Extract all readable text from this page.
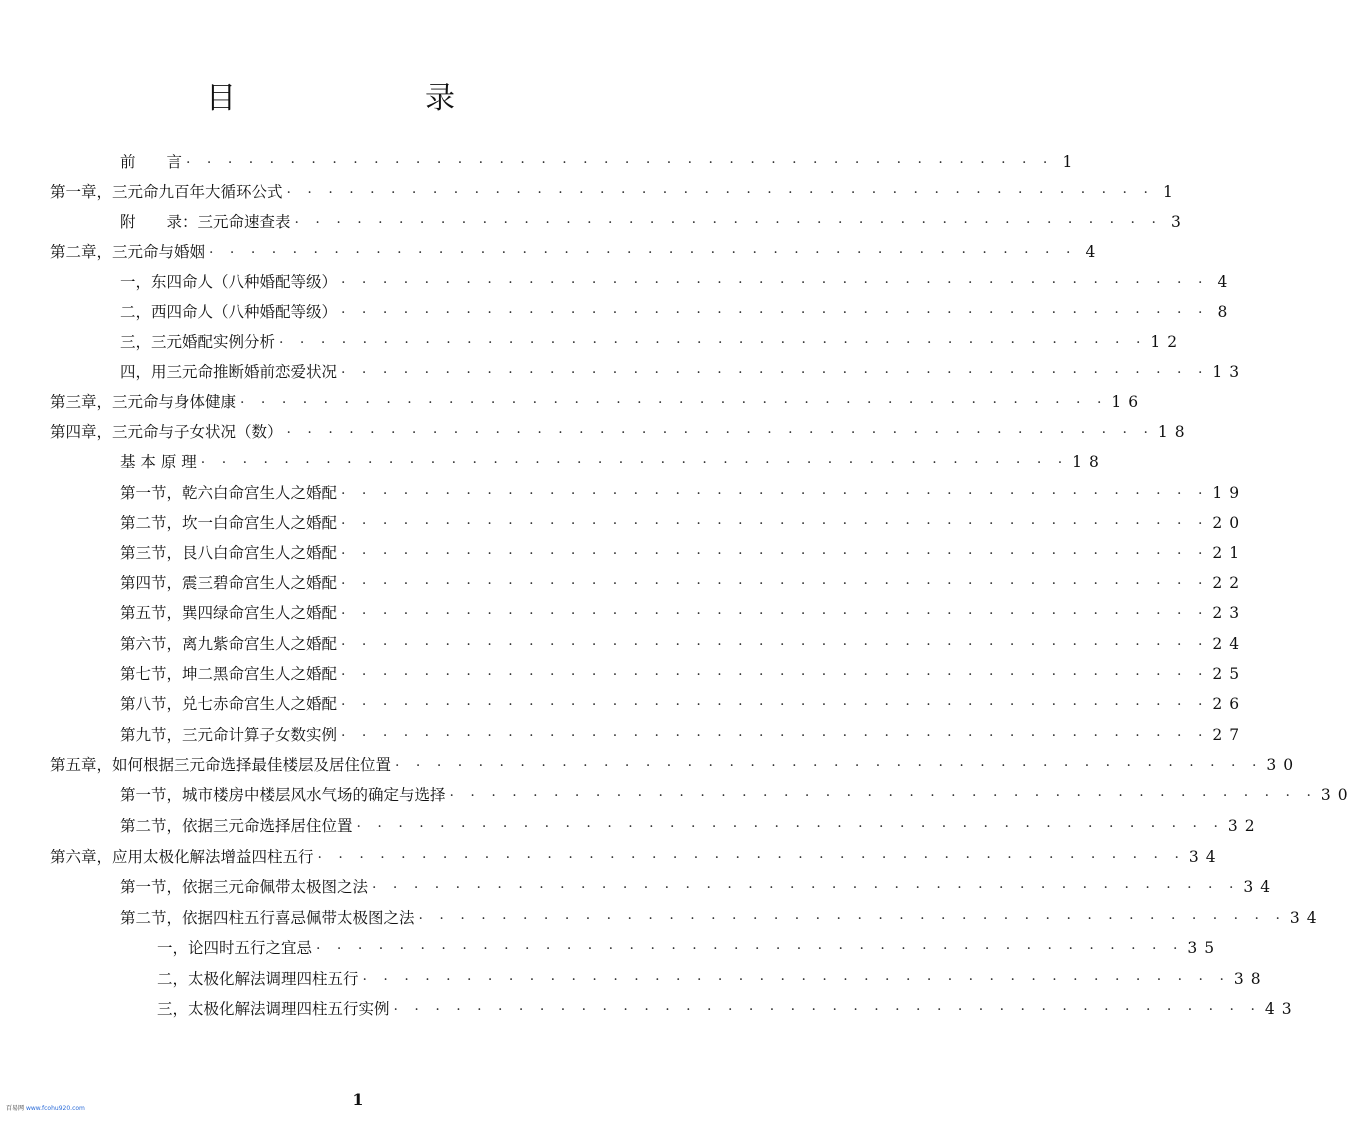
目	录
前　　言 · · · · · · · · · · · · · · · · · · · · · · · · · · · · · · · · · · · · · · · · · · 1
第一章， 三元命九百年大循环公式 · · · · · · · · · · · · · · · · · · · · · · · · · · · · · · · · · · · · · · · · · · 1
附　　录： 三元命速查表 · · · · · · · · · · · · · · · · · · · · · · · · · · · · · · · · · · · · · · · · · · 3
第二章， 三元命与婚姻 · · · · · · · · · · · · · · · · · · · · · · · · · · · · · · · · · · · · · · · · · · 4
一， 东四命人（八种婚配等级） · · · · · · · · · · · · · · · · · · · · · · · · · · · · · · · · · · · · · · · · · · 4
二， 西四命人（八种婚配等级） · · · · · · · · · · · · · · · · · · · · · · · · · · · · · · · · · · · · · · · · · · 8
三， 三元婚配实例分析 · · · · · · · · · · · · · · · · · · · · · · · · · · · · · · · · · · · · · · · · · · 12
四， 用三元命推断婚前恋爱状况 · · · · · · · · · · · · · · · · · · · · · · · · · · · · · · · · · · · · · · · · · · 13
第三章， 三元命与身体健康 · · · · · · · · · · · · · · · · · · · · · · · · · · · · · · · · · · · · · · · · · · 16
第四章， 三元命与子女状况（数） · · · · · · · · · · · · · · · · · · · · · · · · · · · · · · · · · · · · · · · · · · 18
基 本 原 理 · · · · · · · · · · · · · · · · · · · · · · · · · · · · · · · · · · · · · · · · · · 18
第一节， 乾六白命宫生人之婚配 · · · · · · · · · · · · · · · · · · · · · · · · · · · · · · · · · · · · · · · · · · 19
第二节， 坎一白命宫生人之婚配 · · · · · · · · · · · · · · · · · · · · · · · · · · · · · · · · · · · · · · · · · · 20
第三节， 艮八白命宫生人之婚配 · · · · · · · · · · · · · · · · · · · · · · · · · · · · · · · · · · · · · · · · · · 21
第四节， 震三碧命宫生人之婚配 · · · · · · · · · · · · · · · · · · · · · · · · · · · · · · · · · · · · · · · · · · 22
第五节， 巽四绿命宫生人之婚配 · · · · · · · · · · · · · · · · · · · · · · · · · · · · · · · · · · · · · · · · · · 23
第六节， 离九紫命宫生人之婚配 · · · · · · · · · · · · · · · · · · · · · · · · · · · · · · · · · · · · · · · · · · 24
第七节， 坤二黑命宫生人之婚配 · · · · · · · · · · · · · · · · · · · · · · · · · · · · · · · · · · · · · · · · · · 25
第八节， 兑七赤命宫生人之婚配 · · · · · · · · · · · · · · · · · · · · · · · · · · · · · · · · · · · · · · · · · · 26
第九节， 三元命计算子女数实例 · · · · · · · · · · · · · · · · · · · · · · · · · · · · · · · · · · · · · · · · · · 27
第五章， 如何根据三元命选择最佳楼层及居住位置 · · · · · · · · · · · · · · · · · · · · · · · · · · · · · · · · · · · · · · · · · · 30
第一节， 城市楼房中楼层风水气场的确定与选择 · · · · · · · · · · · · · · · · · · · · · · · · · · · · · · · · · · · · · · · · · · 30
第二节， 依据三元命选择居住位置 · · · · · · · · · · · · · · · · · · · · · · · · · · · · · · · · · · · · · · · · · · 32
第六章， 应用太极化解法增益四柱五行 · · · · · · · · · · · · · · · · · · · · · · · · · · · · · · · · · · · · · · · · · · 34
第一节， 依据三元命佩带太极图之法 · · · · · · · · · · · · · · · · · · · · · · · · · · · · · · · · · · · · · · · · · · 34
第二节， 依据四柱五行喜忌佩带太极图之法 · · · · · · · · · · · · · · · · · · · · · · · · · · · · · · · · · · · · · · · · · · 34
一， 论四时五行之宜忌 · · · · · · · · · · · · · · · · · · · · · · · · · · · · · · · · · · · · · · · · · · 35
二， 太极化解法调理四柱五行 · · · · · · · · · · · · · · · · · · · · · · · · · · · · · · · · · · · · · · · · · · 38
三， 太极化解法调理四柱五行实例 · · · · · · · · · · · · · · · · · · · · · · · · · · · · · · · · · · · · · · · · · · 43
1
百易网 www.fcohu920.com
